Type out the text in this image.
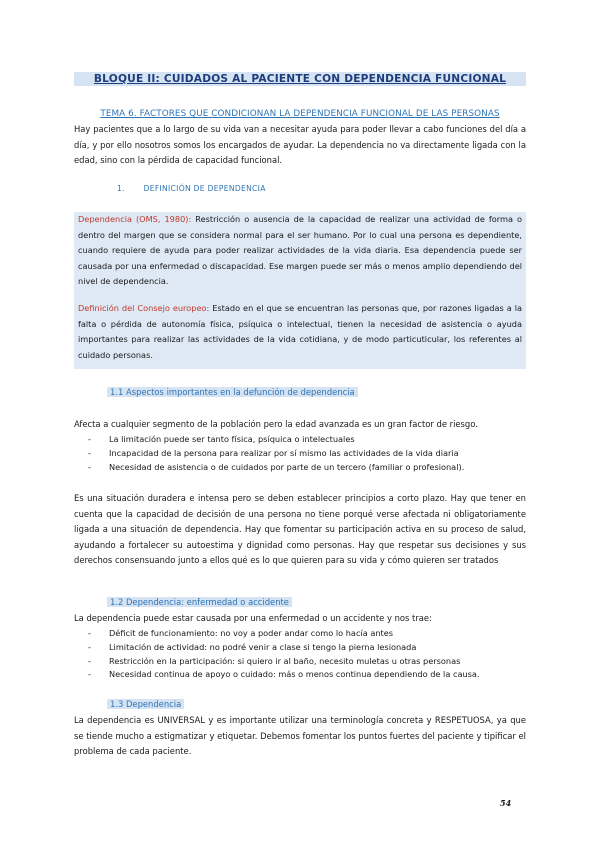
BLOQUE II: CUIDADOS AL PACIENTE CON DEPENDENCIA FUNCIONAL
TEMA 6. FACTORES QUE CONDICIONAN LA DEPENDENCIA FUNCIONAL DE LAS PERSONAS

Hay pacientes que a lo largo de su vida van a necesitar ayuda para poder llevar a cabo funciones del día a día, y por ello nosotros somos los encargados de ayudar. La dependencia no va directamente ligada con la edad, sino con la pérdida de capacidad funcional.

1. DEFINICIÓN DE DEPENDENCIA

Dependencia (OMS, 1980): Restricción o ausencia de la capacidad de realizar una actividad de forma o dentro del margen que se considera normal para el ser humano. Por lo cual una persona es dependiente, cuando requiere de ayuda para poder realizar actividades de la vida diaria. Esa dependencia puede ser causada por una enfermedad o discapacidad. Ese margen puede ser más o menos amplio dependiendo del nivel de dependencia.

Definición del Consejo europeo: Estado en el que se encuentran las personas que, por razones ligadas a la falta o pérdida de autonomía física, psíquica o intelectual, tienen la necesidad de asistencia o ayuda importantes para realizar las actividades de la vida cotidiana, y de modo particuticular, los referentes al cuidado personas.

1.1 Aspectos importantes en la defunción de dependencia

Afecta a cualquier segmento de la población pero la edad avanzada es un gran factor de riesgo.

- La limitación puede ser tanto física, psíquica o intelectuales
- Incapacidad de la persona para realizar por sí mismo las actividades de la vida diaria
- Necesidad de asistencia o de cuidados por parte de un tercero (familiar o profesional).

Es una situación duradera e intensa pero se deben establecer principios a corto plazo. Hay que tener en cuenta que la capacidad de decisión de una persona no tiene porqué verse afectada ni obligatoriamente ligada a una situación de dependencia. Hay que fomentar su participación activa en su proceso de salud, ayudando a fortalecer su autoestima y dignidad como personas. Hay que respetar sus decisiones y sus derechos consensuando junto a ellos qué es lo que quieren para su vida y cómo quieren ser tratados

1.2 Dependencia: enfermedad o accidente

La dependencia puede estar causada por una enfermedad o un accidente y nos trae:

- Déficit de funcionamiento: no voy a poder andar como lo hacía antes
- Limitación de actividad: no podré venir a clase si tengo la pierna lesionada
- Restricción en la participación: si quiero ir al baño, necesito muletas u otras personas
- Necesidad continua de apoyo o cuidado: más o menos continua dependiendo de la causa.
1.3 Dependencia

La dependencia es UNIVERSAL y es importante utilizar una terminología concreta y RESPETUOSA, ya que se tiende mucho a estigmatizar y etiquetar. Debemos fomentar los puntos fuertes del paciente y tipificar el problema de cada paciente.

54
